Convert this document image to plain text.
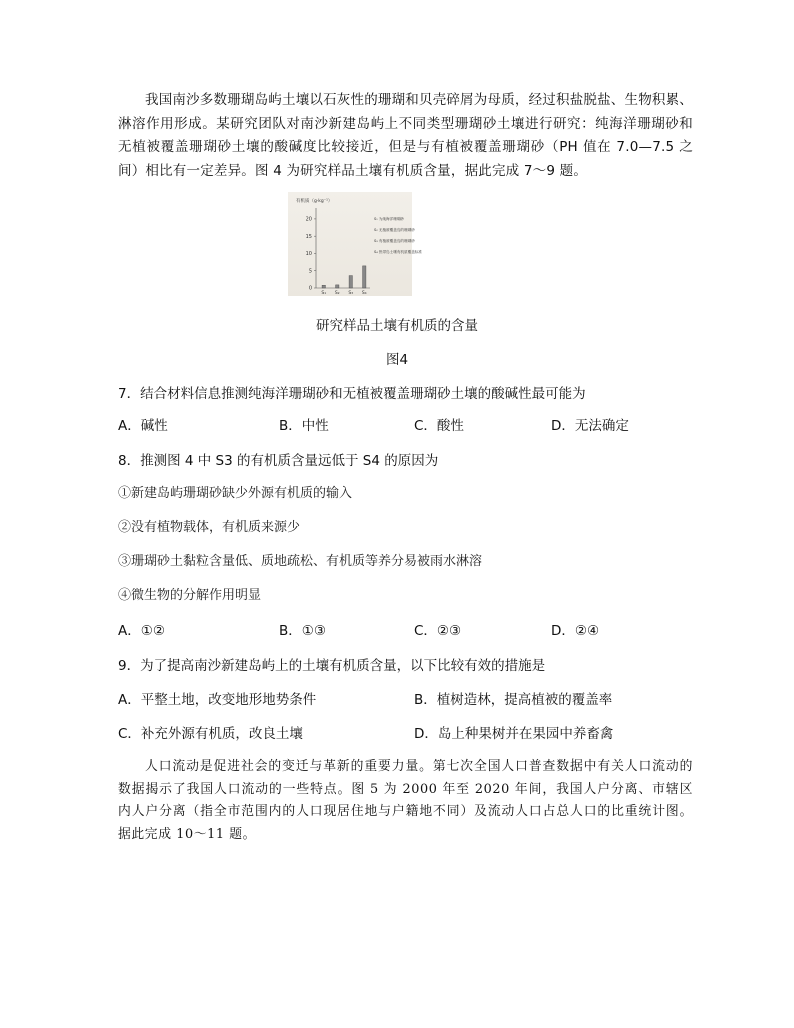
我国南沙多数珊瑚岛屿土壤以石灰性的珊瑚和贝壳碎屑为母质，经过积盐脱盐、生物积累、淋溶作用形成。某研究团队对南沙新建岛屿上不同类型珊瑚砂土壤进行研究：纯海洋珊瑚砂和无植被覆盖珊瑚砂土壤的酸碱度比较接近，但是与有植被覆盖珊瑚砂（PH 值在 7.0—7.5 之间）相比有一定差异。图 4 为研究样品土壤有机质含量，据此完成 7～9 题。
有机质（g·kg⁻¹）
20
15
10
5
0
S₁ S₂ S₃ S₄
S₁ 为纯海洋珊瑚砂
S₂ 无植被覆盖岛的珊瑚砂
S₃ 有植被覆盖岛的珊瑚砂
S₄ 热带岛土壤有机质覆盖标准
研究样品土壤有机质的含量
图4
7．结合材料信息推测纯海洋珊瑚砂和无植被覆盖珊瑚砂土壤的酸碱性最可能为
A．碱性	B．中性	C．酸性	D．无法确定
8．推测图 4 中 S3 的有机质含量远低于 S4 的原因为
①新建岛屿珊瑚砂缺少外源有机质的输入
②没有植物载体，有机质来源少
③珊瑚砂土黏粒含量低、质地疏松、有机质等养分易被雨水淋溶
④微生物的分解作用明显
A．①②	B．①③	C．②③	D．②④
9．为了提高南沙新建岛屿上的土壤有机质含量，以下比较有效的措施是
A．平整土地，改变地形地势条件	B．植树造林，提高植被的覆盖率
C．补充外源有机质，改良土壤	D．岛上种果树并在果园中养畜禽
人口流动是促进社会的变迁与革新的重要力量。第七次全国人口普查数据中有关人口流动的数据揭示了我国人口流动的一些特点。图 5 为 2000 年至 2020 年间，我国人户分离、市辖区内人户分离（指全市范围内的人口现居住地与户籍地不同）及流动人口占总人口的比重统计图。据此完成 10～11 题。
